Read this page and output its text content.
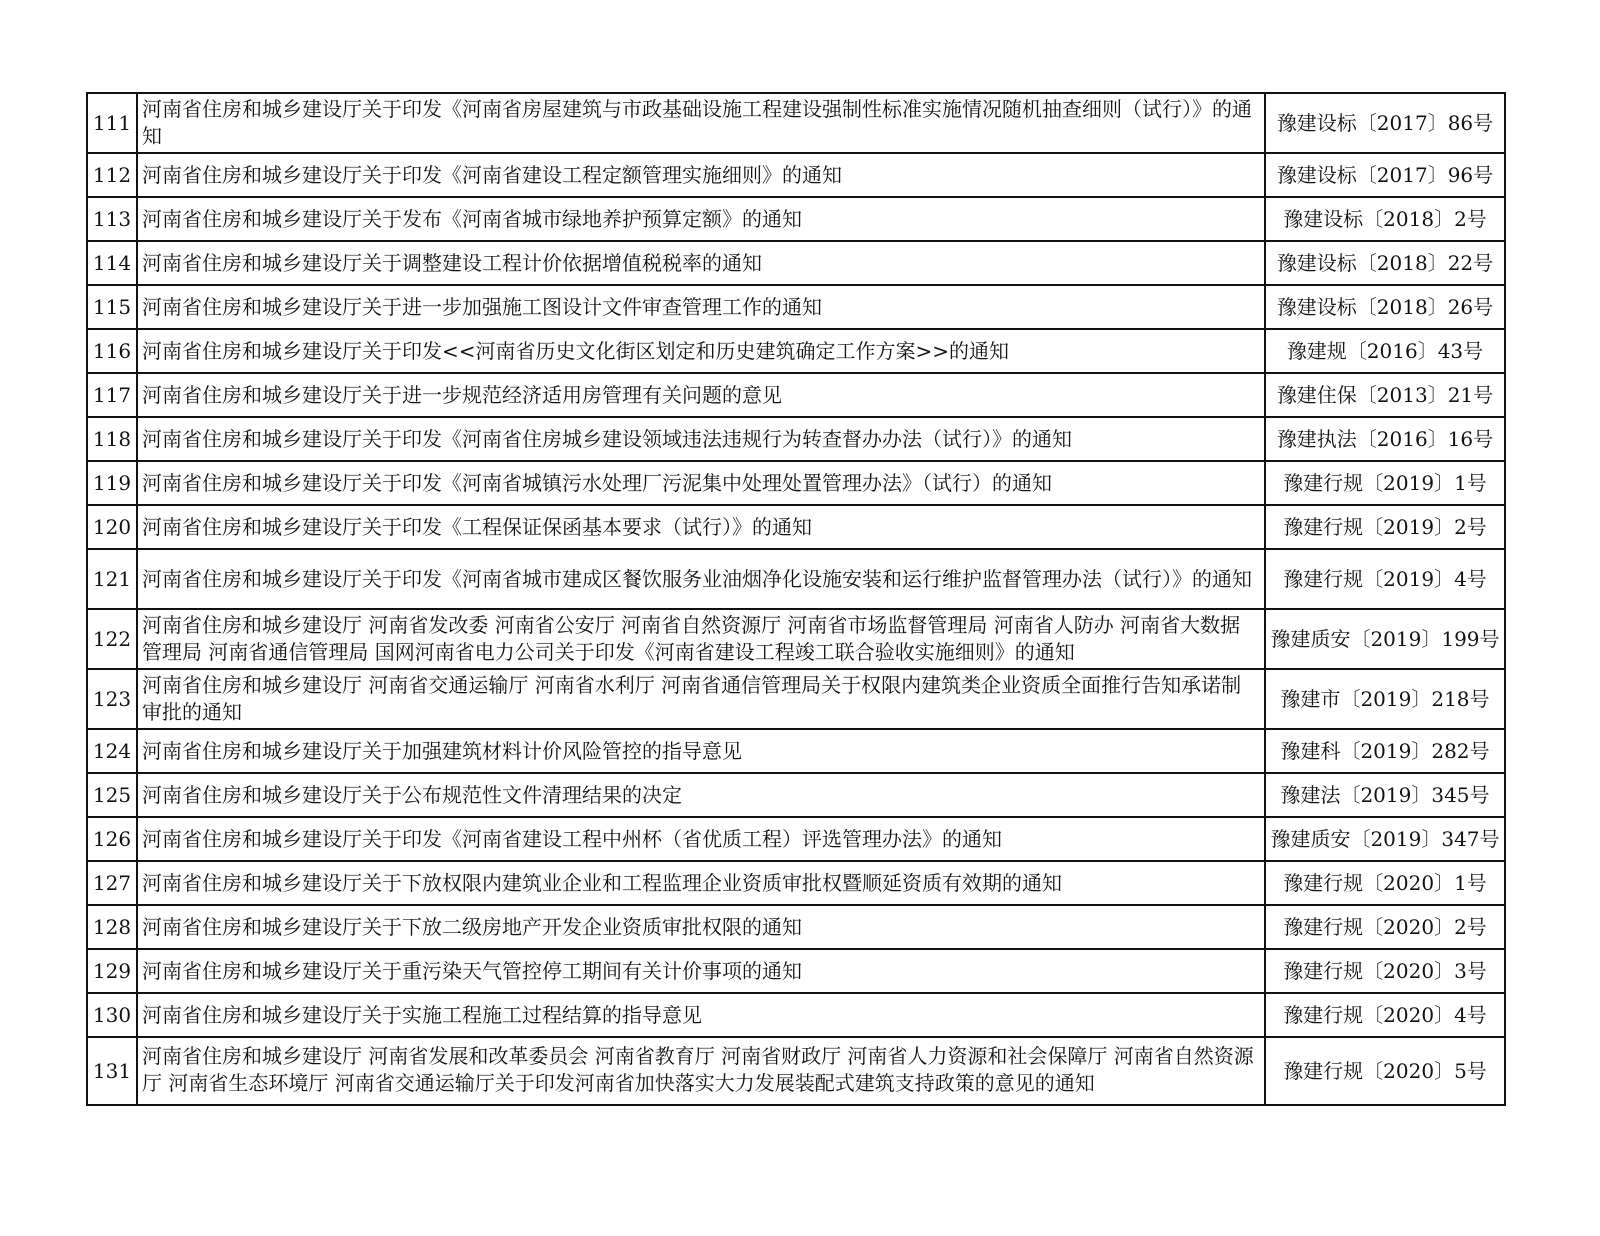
111	河南省住房和城乡建设厅关于印发《河南省房屋建筑与市政基础设施工程建设强制性标准实施情况随机抽查细则（试行）》的通知	豫建设标〔2017〕86号
112	河南省住房和城乡建设厅关于印发《河南省建设工程定额管理实施细则》的通知	豫建设标〔2017〕96号
113	河南省住房和城乡建设厅关于发布《河南省城市绿地养护预算定额》的通知	豫建设标〔2018〕2号
114	河南省住房和城乡建设厅关于调整建设工程计价依据增值税税率的通知	豫建设标〔2018〕22号
115	河南省住房和城乡建设厅关于进一步加强施工图设计文件审查管理工作的通知	豫建设标〔2018〕26号
116	河南省住房和城乡建设厅关于印发<<河南省历史文化街区划定和历史建筑确定工作方案>>的通知	豫建规〔2016〕43号
117	河南省住房和城乡建设厅关于进一步规范经济适用房管理有关问题的意见	豫建住保〔2013〕21号
118	河南省住房和城乡建设厅关于印发《河南省住房城乡建设领域违法违规行为转查督办办法（试行）》的通知	豫建执法〔2016〕16号
119	河南省住房和城乡建设厅关于印发《河南省城镇污水处理厂污泥集中处理处置管理办法》（试行）的通知	豫建行规〔2019〕1号
120	河南省住房和城乡建设厅关于印发《工程保证保函基本要求（试行）》的通知	豫建行规〔2019〕2号
121	河南省住房和城乡建设厅关于印发《河南省城市建成区餐饮服务业油烟净化设施安装和运行维护监督管理办法（试行）》的通知	豫建行规〔2019〕4号
122	河南省住房和城乡建设厅 河南省发改委 河南省公安厅 河南省自然资源厅 河南省市场监督管理局 河南省人防办 河南省大数据管理局 河南省通信管理局 国网河南省电力公司关于印发《河南省建设工程竣工联合验收实施细则》的通知	豫建质安〔2019〕199号
123	河南省住房和城乡建设厅 河南省交通运输厅 河南省水利厅 河南省通信管理局关于权限内建筑类企业资质全面推行告知承诺制审批的通知	豫建市〔2019〕218号
124	河南省住房和城乡建设厅关于加强建筑材料计价风险管控的指导意见	豫建科〔2019〕282号
125	河南省住房和城乡建设厅关于公布规范性文件清理结果的决定	豫建法〔2019〕345号
126	河南省住房和城乡建设厅关于印发《河南省建设工程中州杯（省优质工程）评选管理办法》的通知	豫建质安〔2019〕347号
127	河南省住房和城乡建设厅关于下放权限内建筑业企业和工程监理企业资质审批权暨顺延资质有效期的通知	豫建行规〔2020〕1号
128	河南省住房和城乡建设厅关于下放二级房地产开发企业资质审批权限的通知	豫建行规〔2020〕2号
129	河南省住房和城乡建设厅关于重污染天气管控停工期间有关计价事项的通知	豫建行规〔2020〕3号
130	河南省住房和城乡建设厅关于实施工程施工过程结算的指导意见	豫建行规〔2020〕4号
131	河南省住房和城乡建设厅 河南省发展和改革委员会 河南省教育厅 河南省财政厅 河南省人力资源和社会保障厅 河南省自然资源厅 河南省生态环境厅 河南省交通运输厅关于印发河南省加快落实大力发展装配式建筑支持政策的意见的通知	豫建行规〔2020〕5号
